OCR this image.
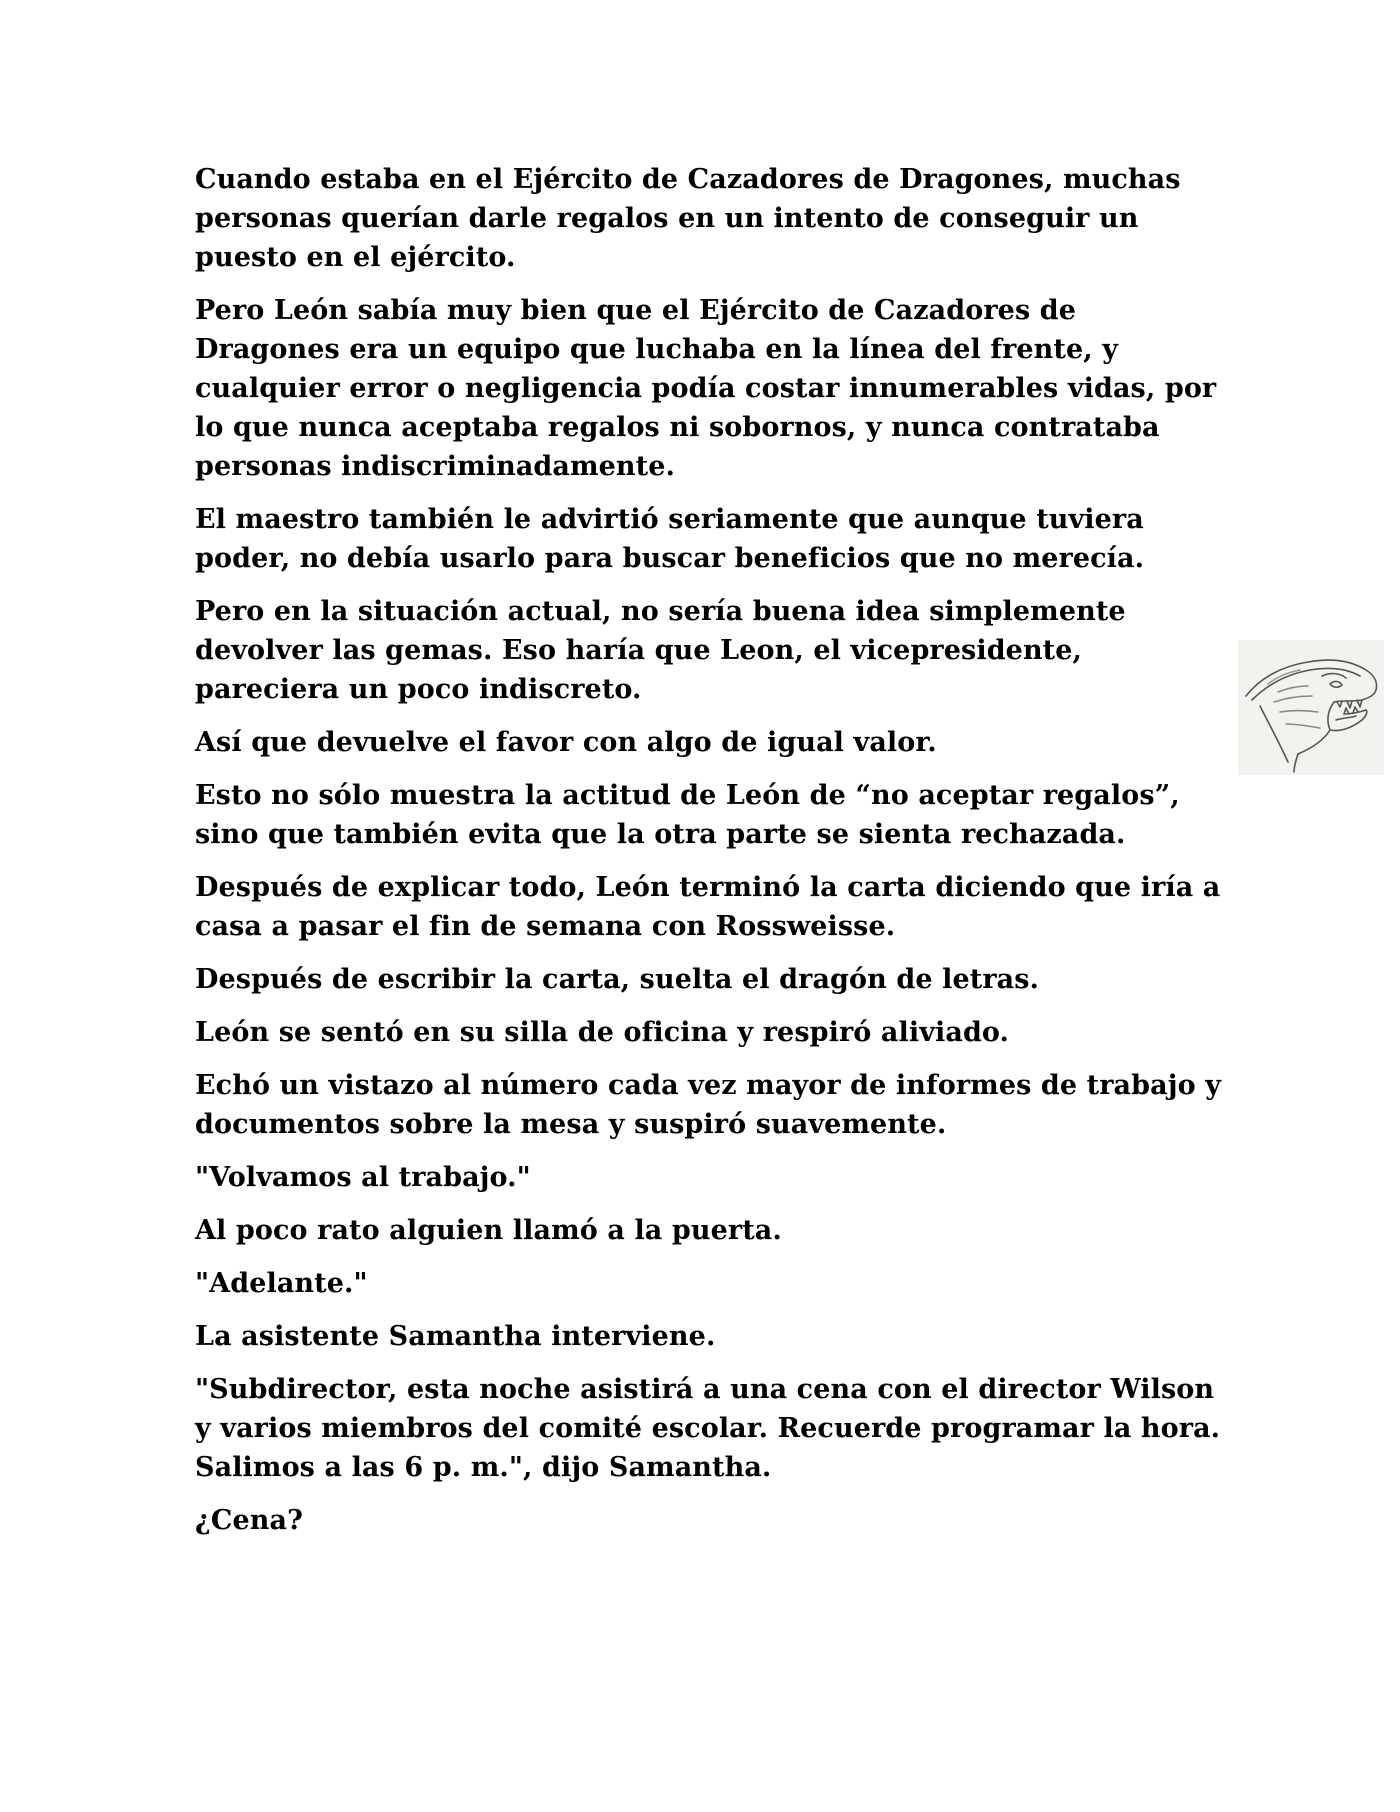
Cuando estaba en el Ejército de Cazadores de Dragones, muchas personas querían darle regalos en un intento de conseguir un puesto en el ejército.

Pero León sabía muy bien que el Ejército de Cazadores de Dragones era un equipo que luchaba en la línea del frente, y cualquier error o negligencia podía costar innumerables vidas, por lo que nunca aceptaba regalos ni sobornos, y nunca contrataba personas indiscriminadamente.

El maestro también le advirtió seriamente que aunque tuviera poder, no debía usarlo para buscar beneficios que no merecía.

Pero en la situación actual, no sería buena idea simplemente devolver las gemas. Eso haría que Leon, el vicepresidente, pareciera un poco indiscreto.

Así que devuelve el favor con algo de igual valor.

Esto no sólo muestra la actitud de León de “no aceptar regalos”, sino que también evita que la otra parte se sienta rechazada.

Después de explicar todo, León terminó la carta diciendo que iría a casa a pasar el fin de semana con Rossweisse.

Después de escribir la carta, suelta el dragón de letras.

León se sentó en su silla de oficina y respiró aliviado.

Echó un vistazo al número cada vez mayor de informes de trabajo y documentos sobre la mesa y suspiró suavemente.

"Volvamos al trabajo."

Al poco rato alguien llamó a la puerta.

"Adelante."

La asistente Samantha interviene.

"Subdirector, esta noche asistirá a una cena con el director Wilson y varios miembros del comité escolar. Recuerde programar la hora. Salimos a las 6 p. m.", dijo Samantha.

¿Cena?
